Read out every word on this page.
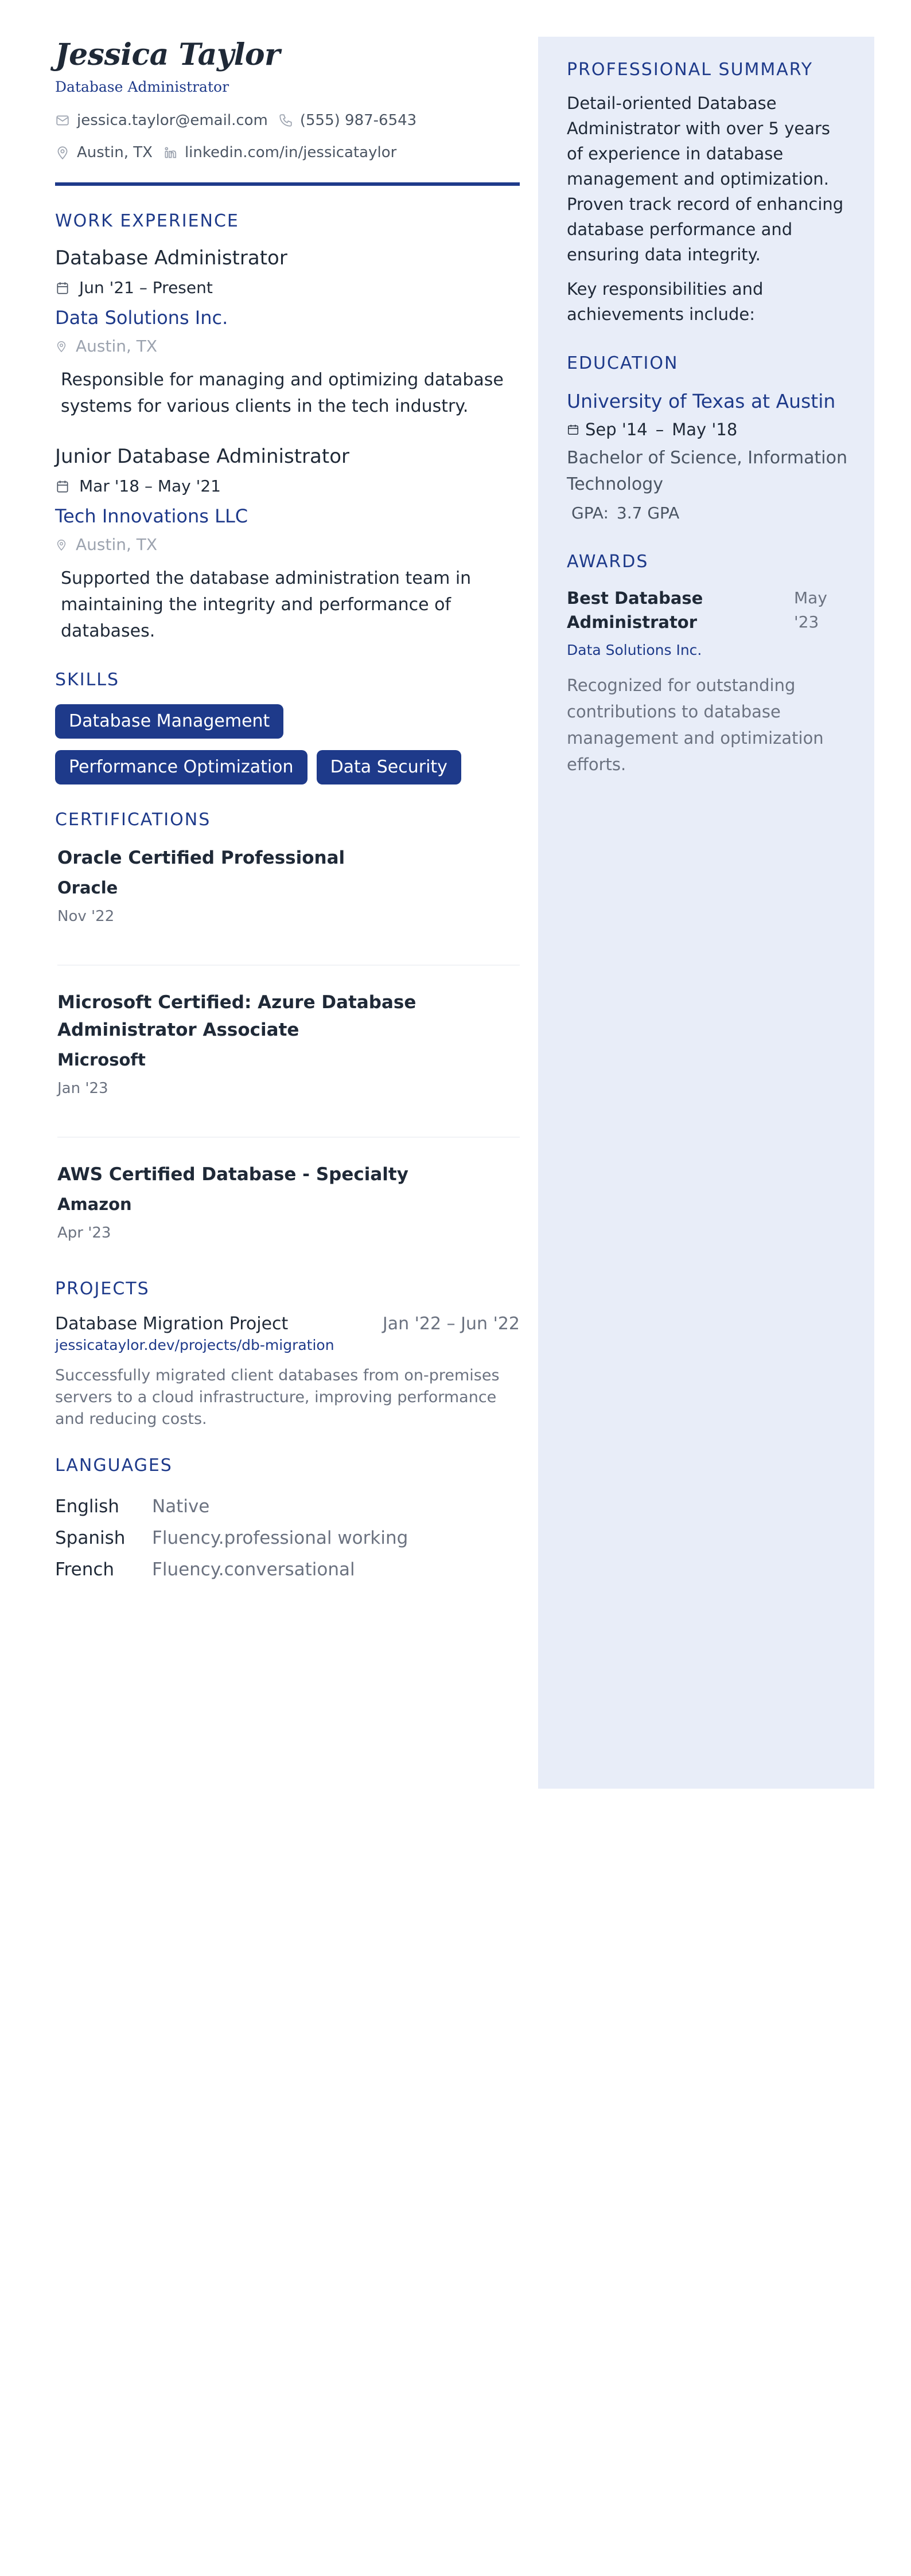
Jessica Taylor
Database Administrator
jessica.taylor@email.com (555) 987-6543
Austin, TX linkedin.com/in/jessicataylor
WORK EXPERIENCE
Database Administrator
Jun '21 – Present
Data Solutions Inc.
Austin, TX

Responsible for managing and optimizing database systems for various clients in the tech industry.

Junior Database Administrator
Mar '18 – May '21
Tech Innovations LLC
Austin, TX

Supported the database administration team in maintaining the integrity and performance of databases.

SKILLS
Database Management
Performance Optimization	Data Security
CERTIFICATIONS
Oracle Certified Professional
Oracle
Nov '22
Microsoft Certified: Azure Database Administrator Associate
Microsoft
Jan '23
AWS Certified Database - Specialty
Amazon
Apr '23
PROJECTS
Database Migration Project	Jan '22 – Jun '22
jessicataylor.dev/projects/db-migration

Successfully migrated client databases from on-premises servers to a cloud infrastructure, improving performance and reducing costs.

LANGUAGES
English	Native
Spanish	Fluency.professional working
French	Fluency.conversational
PROFESSIONAL SUMMARY

Detail-oriented Database Administrator with over 5 years of experience in database management and optimization. Proven track record of enhancing database performance and ensuring data integrity.

Key responsibilities and achievements include:

EDUCATION
University of Texas at Austin
Sep '14 – May '18
Bachelor of Science, Information Technology
GPA: 3.7 GPA
AWARDS
Best Database Administrator
May '23
Data Solutions Inc.

Recognized for outstanding contributions to database management and optimization efforts.
